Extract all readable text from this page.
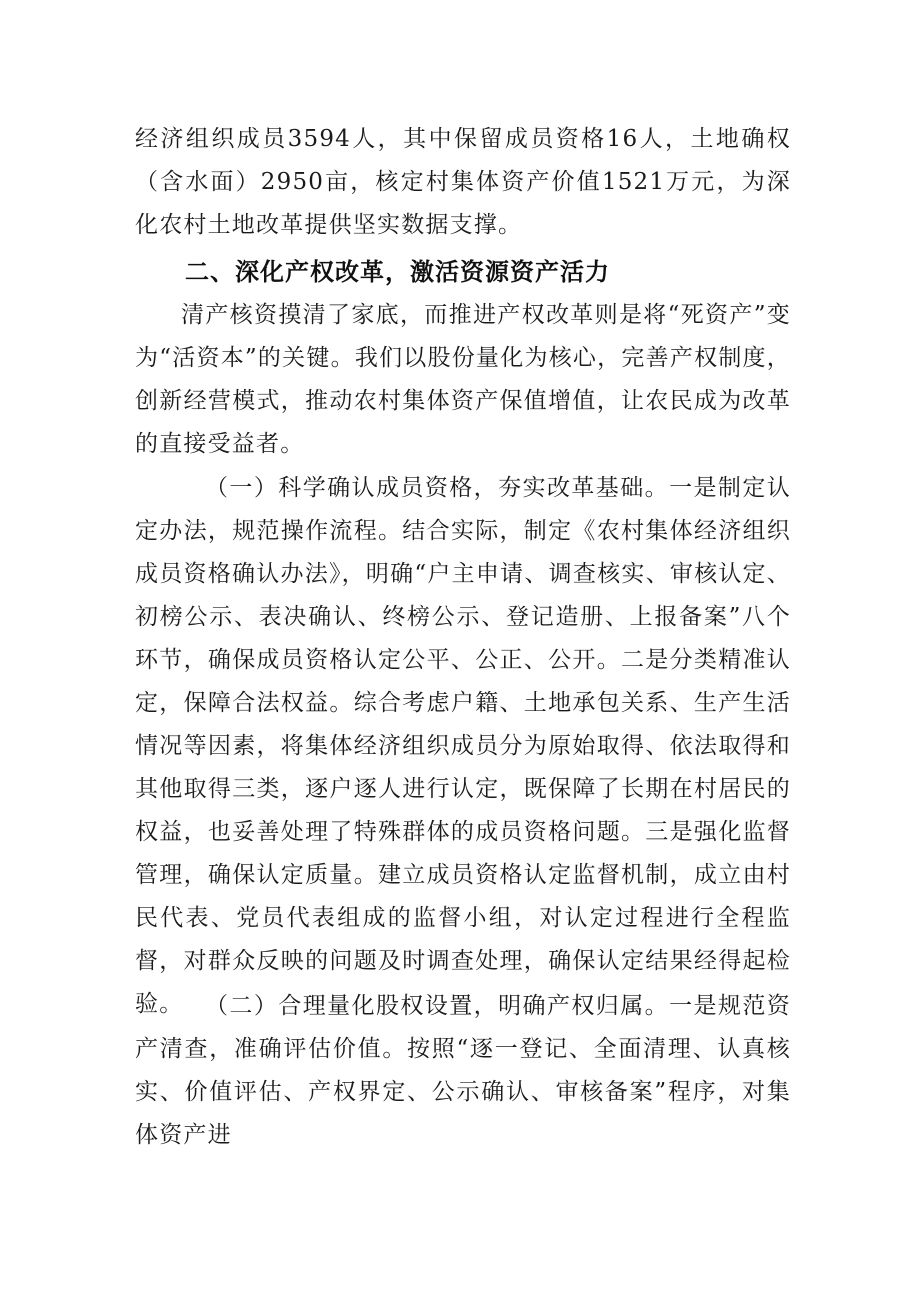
经济组织成员3594人，其中保留成员资格16人，土地确权（含水面）2950亩，核定村集体资产价值1521万元，为深化农村土地改革提供坚实数据支撑。

二、深化产权改革，激活资源资产活力

清产核资摸清了家底，而推进产权改革则是将“死资产”变为“活资本”的关键。我们以股份量化为核心，完善产权制度，创新经营模式，推动农村集体资产保值增值，让农民成为改革的直接受益者。

（一）科学确认成员资格，夯实改革基础。一是制定认定办法，规范操作流程。结合实际，制定《农村集体经济组织成员资格确认办法》，明确“户主申请、调查核实、审核认定、初榜公示、表决确认、终榜公示、登记造册、上报备案”八个环节，确保成员资格认定公平、公正、公开。二是分类精准认定，保障合法权益。综合考虑户籍、土地承包关系、生产生活情况等因素，将集体经济组织成员分为原始取得、依法取得和其他取得三类，逐户逐人进行认定，既保障了长期在村居民的权益，也妥善处理了特殊群体的成员资格问题。三是强化监督管理，确保认定质量。建立成员资格认定监督机制，成立由村民代表、党员代表组成的监督小组，对认定过程进行全程监督，对群众反映的问题及时调查处理，确保认定结果经得起检验。 （二）合理量化股权设置，明确产权归属。一是规范资产清查，准确评估价值。按照“逐一登记、全面清理、认真核实、价值评估、产权界定、公示确认、审核备案”程序，对集体资产进
